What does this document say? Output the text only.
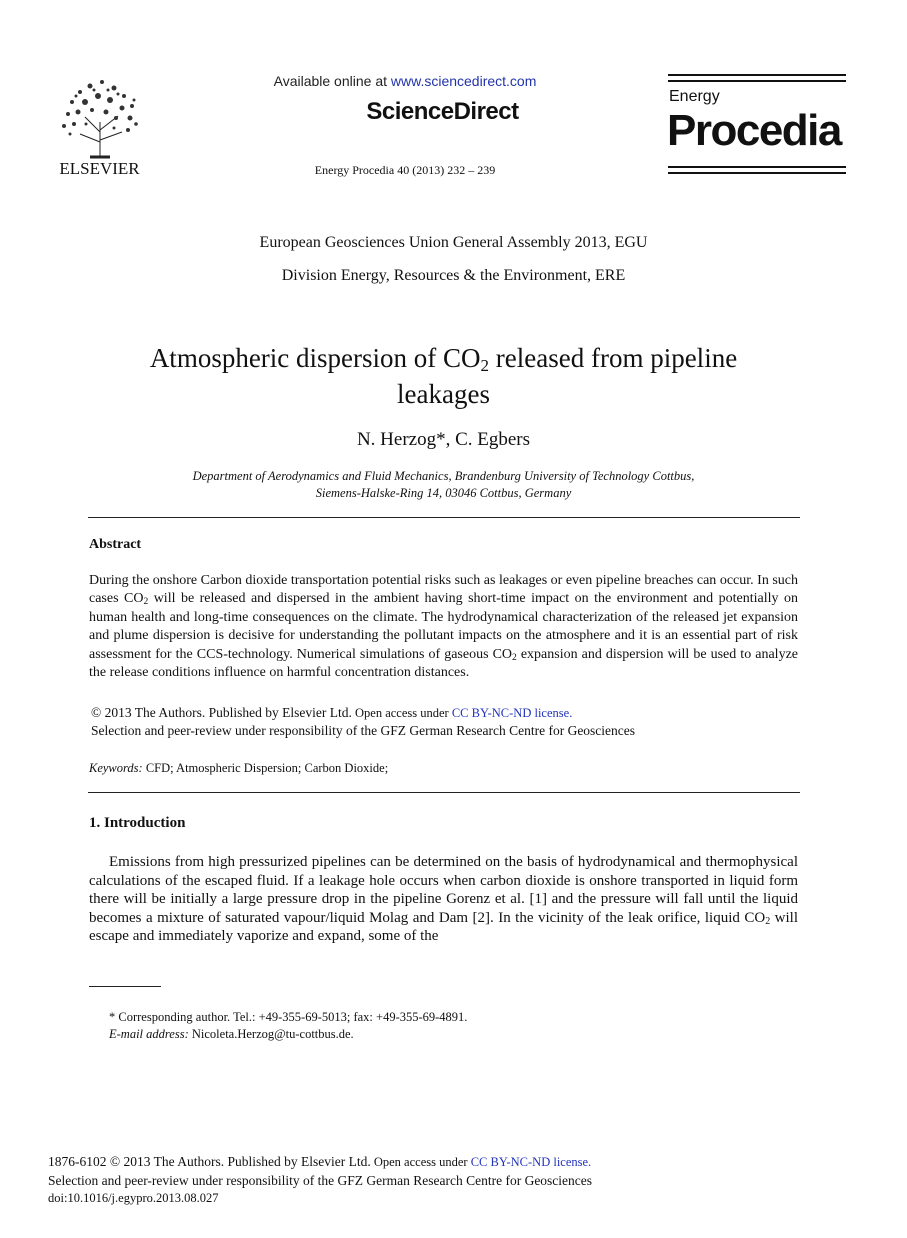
ELSEVIER
Available online at www.sciencedirect.com
ScienceDirect
Energy Procedia 40 (2013) 232 – 239
Energy
Procedia
European Geosciences Union General Assembly 2013, EGU
Division Energy, Resources & the Environment, ERE
Atmospheric dispersion of $CO_2$ released from pipeline
leakages
N. Herzog*, C. Egbers
Department of Aerodynamics and Fluid Mechanics, Brandenburg University of Technology Cottbus,
Siemens-Halske-Ring 14, 03046 Cottbus, Germany
Abstract
During the onshore Carbon dioxide transportation potential risks such as leakages or even pipeline breaches can occur. In such cases $CO_2$ will be released and dispersed in the ambient having short-time impact on the environment and potentially on human health and long-time consequences on the climate. The hydrodynamical characterization of the released jet expansion and plume dispersion is decisive for understanding the pollutant impacts on the atmosphere and it is an essential part of risk assessment for the CCS-technology. Numerical simulations of gaseous $CO_2$ expansion and dispersion will be used to analyze the release conditions influence on harmful concentration distances.
© 2013 The Authors. Published by Elsevier Ltd. Open access under CC BY-NC-ND license.
Selection and peer-review under responsibility of the GFZ German Research Centre for Geosciences
Keywords: CFD; Atmospheric Dispersion; Carbon Dioxide;
1. Introduction

Emissions from high pressurized pipelines can be determined on the basis of hydrodynamical and thermophysical calculations of the escaped fluid. If a leakage hole occurs when carbon dioxide is onshore transported in liquid form there will be initially a large pressure drop in the pipeline Gorenz et al. [1] and the pressure will fall until the liquid becomes a mixture of saturated vapour/liquid Molag and Dam [2]. In the vicinity of the leak orifice, liquid $CO_2$ will escape and immediately vaporize and expand, some of the

* Corresponding author. Tel.: +49-355-69-5013; fax: +49-355-69-4891.
E-mail address: Nicoleta.Herzog@tu-cottbus.de.
1876-6102 © 2013 The Authors. Published by Elsevier Ltd. Open access under CC BY-NC-ND license.
Selection and peer-review under responsibility of the GFZ German Research Centre for Geosciences
doi:10.1016/j.egypro.2013.08.027
